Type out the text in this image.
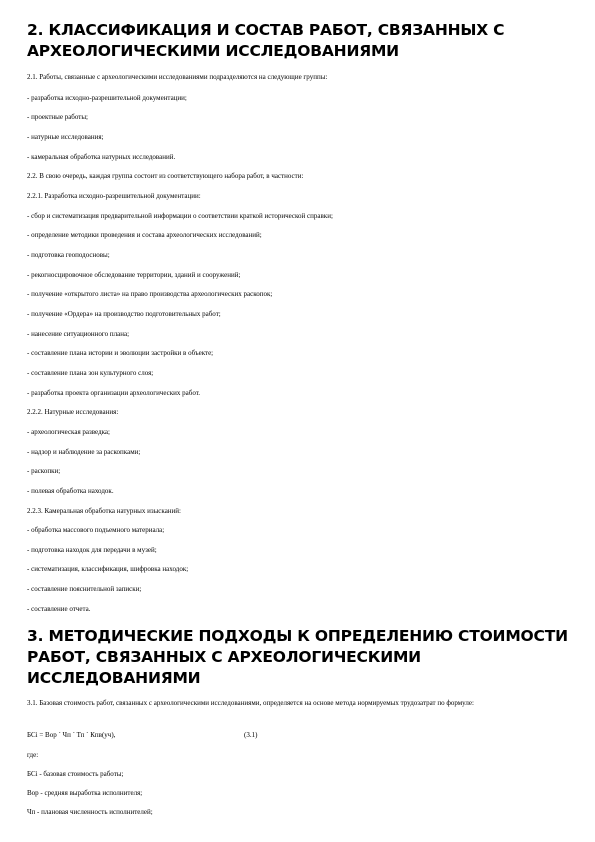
2. КЛАССИФИКАЦИЯ И СОСТАВ РАБОТ, СВЯЗАННЫХ С АРХЕОЛОГИЧЕСКИМИ ИССЛЕДОВАНИЯМИ
2.1. Работы, связанные с археологическими исследованиями подразделяются на следующие группы:
- разработка исходно-разрешительной документации;
- проектные работы;
- натурные исследования;
- камеральная обработка натурных исследований.
2.2. В свою очередь, каждая группа состоит из соответствующего набора работ, в частности:
2.2.1. Разработка исходно-разрешительной документации:
- сбор и систематизация предварительной информации о соответствии краткой исторической справки;
- определение методики проведения и состава археологических исследований;
- подготовка геоподосновы;
- рекогносцировочное обследование территории, зданий и сооружений;
- получение «открытого листа» на право производства археологических раскопок;
- получение «Ордера» на производство подготовительных работ;
- нанесение ситуационного плана;
- составление плана истории и эволюции застройки в объекте;
- составление плана зон культурного слоя;
- разработка проекта организации археологических работ.
2.2.2. Натурные исследования:
- археологическая разведка;
- надзор и наблюдение за раскопками;
- раскопки;
- полевая обработка находок.
2.2.3. Камеральная обработка натурных изысканий:
- обработка массового подъемного материала;
- подготовка находок для передачи в музей;
- систематизация, классификация, шифровка находок;
- составление пояснительной записки;
- составление отчета.
3. МЕТОДИЧЕСКИЕ ПОДХОДЫ К ОПРЕДЕЛЕНИЮ СТОИМОСТИ РАБОТ, СВЯЗАННЫХ С АРХЕОЛОГИЧЕСКИМИ ИССЛЕДОВАНИЯМИ
3.1. Базовая стоимость работ, связанных с археологическими исследованиями, определяется на основе метода нормируемых трудозатрат по формуле:
БСi = Вор ´ Чп ´ Тп ´ Кпв(уч),	(3.1)
где:
БСi - базовая стоимость работы;
Вор - средняя выработка исполнителя;
Чп - плановая численность исполнителей;
